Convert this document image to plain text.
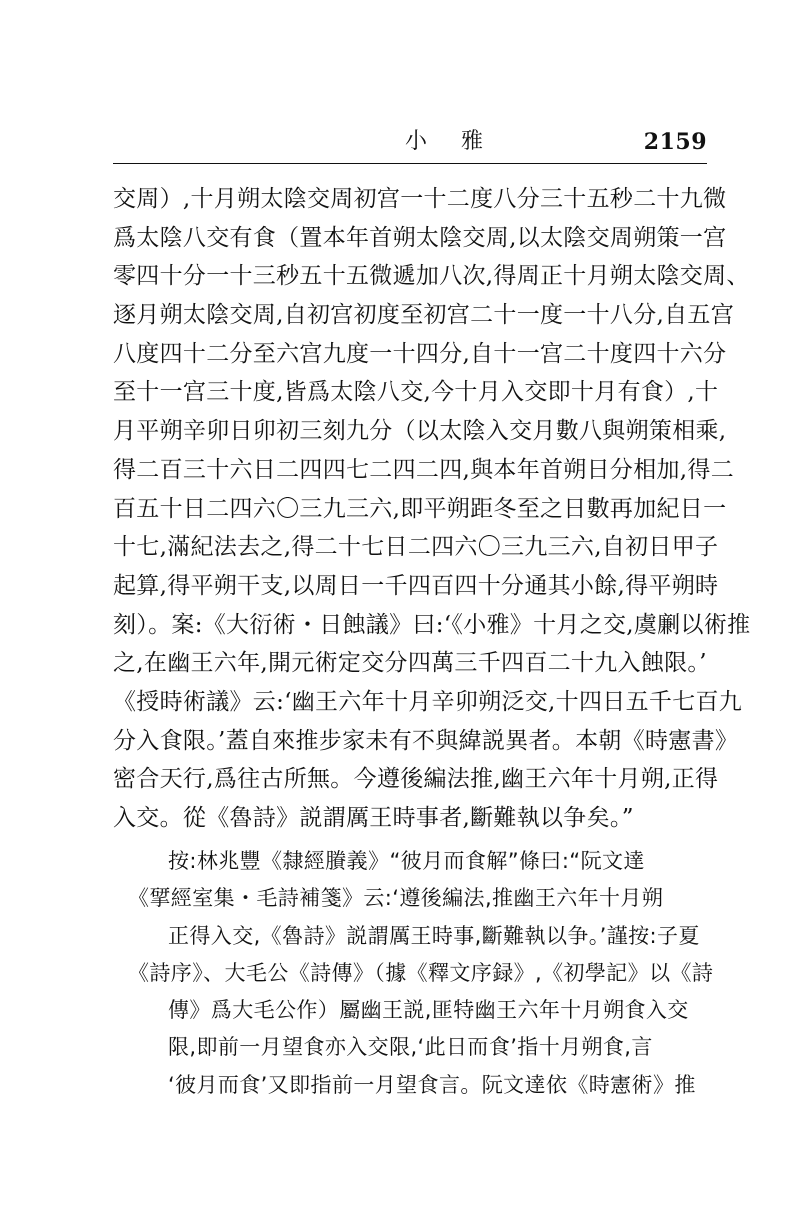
小雅	2159
交周）,十月朔太陰交周初宫一十二度八分三十五秒二十九微
爲太陰八交有食（置本年首朔太陰交周,以太陰交周朔策一宫
零四十分一十三秒五十五微遞加八次,得周正十月朔太陰交周、
逐月朔太陰交周,自初宫初度至初宫二十一度一十八分,自五宫
八度四十二分至六宫九度一十四分,自十一宫二十度四十六分
至十一宫三十度,皆爲太陰八交,今十月入交即十月有食）,十
月平朔辛卯日卯初三刻九分（以太陰入交月數八與朔策相乘,
得二百三十六日二四四七二四二四,與本年首朔日分相加,得二
百五十日二四六〇三九三六,即平朔距冬至之日數再加紀日一
十七,滿紀法去之,得二十七日二四六〇三九三六,自初日甲子
起算,得平朔干支,以周日一千四百四十分通其小餘,得平朔時
刻）。案:《大衍術・日蝕議》曰:‘《小雅》十月之交,虞劆以術推
之,在幽王六年,開元術定交分四萬三千四百二十九入蝕限。’
《授時術議》云:‘幽王六年十月辛卯朔泛交,十四日五千七百九
分入食限。’蓋自來推步家未有不與緯説異者。本朝《時憲書》
密合天行,爲往古所無。今遵後編法推,幽王六年十月朔,正得
入交。從《魯詩》説謂厲王時事者,斷難執以争矣。”
按:林兆豐《隸經賸義》“彼月而食解”條曰:“阮文達
《揅經室集・毛詩補箋》云:‘遵後編法,推幽王六年十月朔
正得入交,《魯詩》説謂厲王時事,斷難執以争。’謹按:子夏
《詩序》、大毛公《詩傳》（據《釋文序録》,《初學記》以《詩
傳》爲大毛公作）屬幽王説,匪特幽王六年十月朔食入交
限,即前一月望食亦入交限,‘此日而食’指十月朔食,言
‘彼月而食’又即指前一月望食言。阮文達依《時憲術》推
